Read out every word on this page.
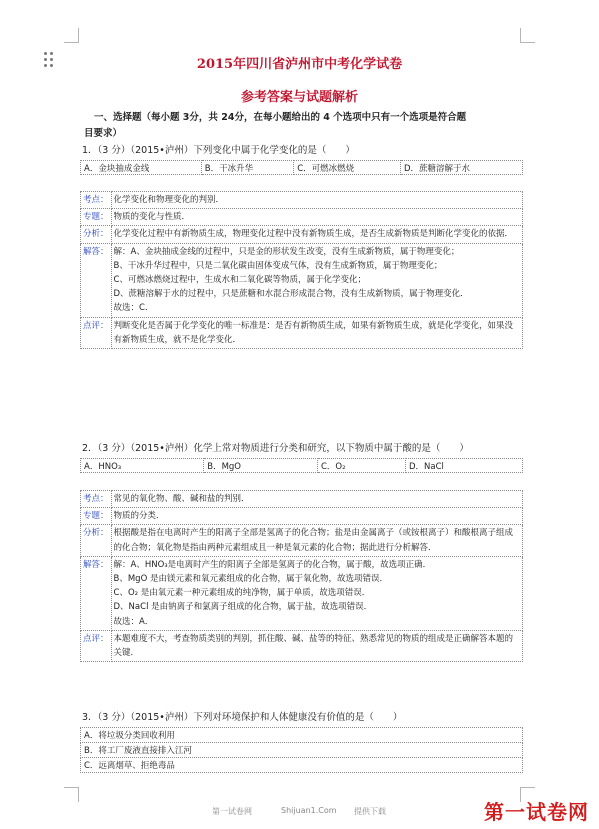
2015年四川省泸州市中考化学试卷
参考答案与试题解析
一、选择题（每小题 3分，共 24分，在每小题给出的 4 个选项中只有一个选项是符合题
目要求）
1．（3 分）（2015•泸州）下列变化中属于化学变化的是（　　）
A．金块抽成金线	B．干冰升华	C．可燃冰燃烧	D．蔗糖溶解于水
考点：	化学变化和物理变化的判别．
专题：	物质的变化与性质．
分析：	化学变化过程中有新物质生成，物理变化过程中没有新物质生成，是否生成新物质是判断化学变化的依据．
解答：	解：A、金块抽成金线的过程中，只是金的形状发生改变，没有生成新物质，属于物理变化；
B、干冰升华过程中，只是二氧化碳由固体变成气体，没有生成新物质，属于物理变化；
C、可燃冰燃烧过程中，生成水和二氧化碳等物质，属于化学变化；
D、蔗糖溶解于水的过程中，只是蔗糖和水混合形成混合物，没有生成新物质，属于物理变化．
故选：C．
点评：	判断变化是否属于化学变化的唯一标准是：是否有新物质生成，如果有新物质生成，就是化学变化，如果没有新物质生成，就不是化学变化．
2．（3 分）（2015•泸州）化学上常对物质进行分类和研究，以下物质中属于酸的是（　　）
A．HNO₃	B．MgO	C．O₂	D．NaCl
考点：	常见的氧化物、酸、碱和盐的判别．
专题：	物质的分类．
分析：	根据酸是指在电离时产生的阳离子全部是氢离子的化合物；盐是由金属离子（或铵根离子）和酸根离子组成的化合物；氧化物是指由两种元素组成且一种是氧元素的化合物；据此进行分析解答．
解答：	解：A、HNO₃是电离时产生的阳离子全部是氢离子的化合物，属于酸，故选项正确．
B、MgO 是由镁元素和氧元素组成的化合物，属于氧化物，故选项错误．
C、O₂ 是由氧元素一种元素组成的纯净物，属于单质，故选项错误．
D、NaCl 是由钠离子和氯离子组成的化合物，属于盐，故选项错误．
故选：A．
点评：	本题难度不大，考查物质类别的判别，抓住酸、碱、盐等的特征、熟悉常见的物质的组成是正确解答本题的关键．
3．（3 分）（2015•泸州）下列对环境保护和人体健康没有价值的是（　　）
A．将垃圾分类回收利用
B．将工厂废液直接排入江河
C．远离烟草、拒绝毒品
第一试卷网	Shijuan1.Com 提供下载	第一试卷网
